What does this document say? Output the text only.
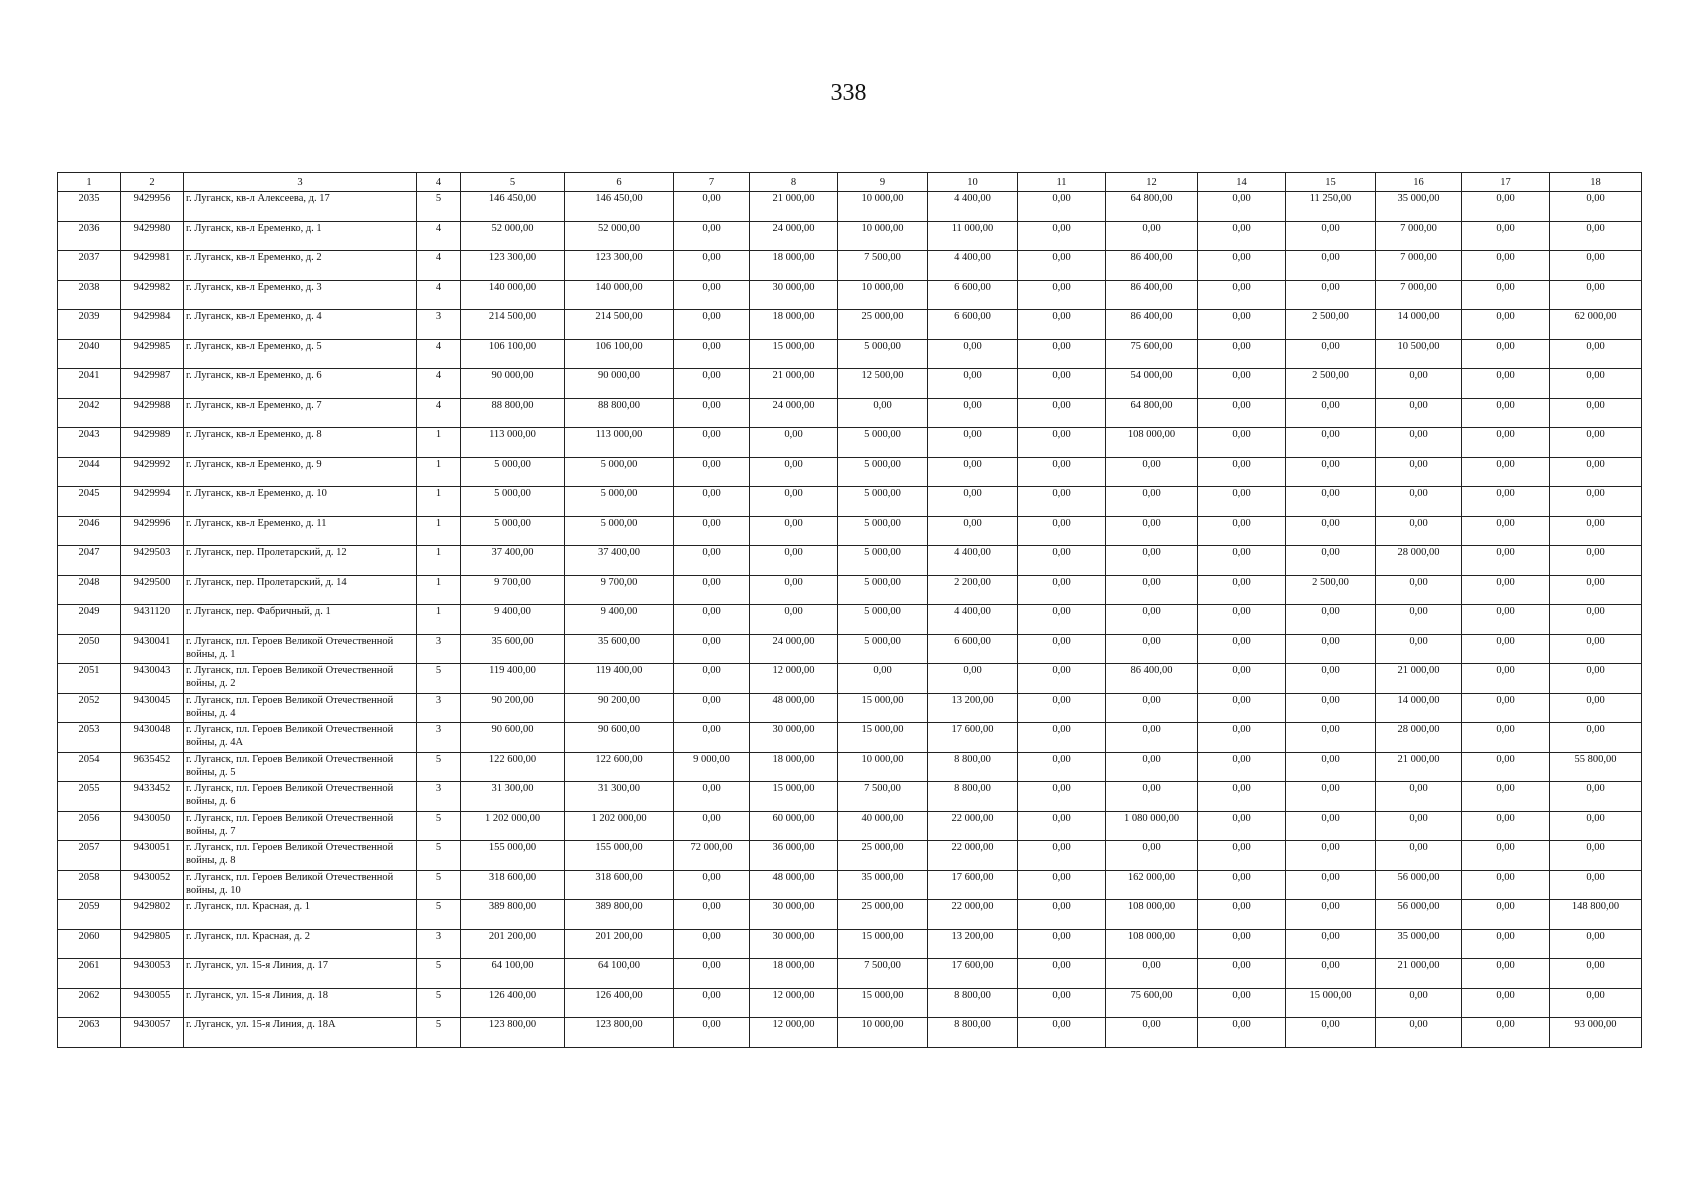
338
1	2	3	4	5	6	7	8	9	10	11	12	14	15	16	17	18
2035	9429956	г. Луганск, кв-л Алексеева, д. 17	5	146 450,00	146 450,00	0,00	21 000,00	10 000,00	4 400,00	0,00	64 800,00	0,00	11 250,00	35 000,00	0,00	0,00
2036	9429980	г. Луганск, кв-л Еременко, д. 1	4	52 000,00	52 000,00	0,00	24 000,00	10 000,00	11 000,00	0,00	0,00	0,00	0,00	7 000,00	0,00	0,00
2037	9429981	г. Луганск, кв-л Еременко, д. 2	4	123 300,00	123 300,00	0,00	18 000,00	7 500,00	4 400,00	0,00	86 400,00	0,00	0,00	7 000,00	0,00	0,00
2038	9429982	г. Луганск, кв-л Еременко, д. 3	4	140 000,00	140 000,00	0,00	30 000,00	10 000,00	6 600,00	0,00	86 400,00	0,00	0,00	7 000,00	0,00	0,00
2039	9429984	г. Луганск, кв-л Еременко, д. 4	3	214 500,00	214 500,00	0,00	18 000,00	25 000,00	6 600,00	0,00	86 400,00	0,00	2 500,00	14 000,00	0,00	62 000,00
2040	9429985	г. Луганск, кв-л Еременко, д. 5	4	106 100,00	106 100,00	0,00	15 000,00	5 000,00	0,00	0,00	75 600,00	0,00	0,00	10 500,00	0,00	0,00
2041	9429987	г. Луганск, кв-л Еременко, д. 6	4	90 000,00	90 000,00	0,00	21 000,00	12 500,00	0,00	0,00	54 000,00	0,00	2 500,00	0,00	0,00	0,00
2042	9429988	г. Луганск, кв-л Еременко, д. 7	4	88 800,00	88 800,00	0,00	24 000,00	0,00	0,00	0,00	64 800,00	0,00	0,00	0,00	0,00	0,00
2043	9429989	г. Луганск, кв-л Еременко, д. 8	1	113 000,00	113 000,00	0,00	0,00	5 000,00	0,00	0,00	108 000,00	0,00	0,00	0,00	0,00	0,00
2044	9429992	г. Луганск, кв-л Еременко, д. 9	1	5 000,00	5 000,00	0,00	0,00	5 000,00	0,00	0,00	0,00	0,00	0,00	0,00	0,00	0,00
2045	9429994	г. Луганск, кв-л Еременко, д. 10	1	5 000,00	5 000,00	0,00	0,00	5 000,00	0,00	0,00	0,00	0,00	0,00	0,00	0,00	0,00
2046	9429996	г. Луганск, кв-л Еременко, д. 11	1	5 000,00	5 000,00	0,00	0,00	5 000,00	0,00	0,00	0,00	0,00	0,00	0,00	0,00	0,00
2047	9429503	г. Луганск, пер. Пролетарский, д. 12	1	37 400,00	37 400,00	0,00	0,00	5 000,00	4 400,00	0,00	0,00	0,00	0,00	28 000,00	0,00	0,00
2048	9429500	г. Луганск, пер. Пролетарский, д. 14	1	9 700,00	9 700,00	0,00	0,00	5 000,00	2 200,00	0,00	0,00	0,00	2 500,00	0,00	0,00	0,00
2049	9431120	г. Луганск, пер. Фабричный, д. 1	1	9 400,00	9 400,00	0,00	0,00	5 000,00	4 400,00	0,00	0,00	0,00	0,00	0,00	0,00	0,00
2050	9430041	г. Луганск, пл. Героев Великой Отечественной войны, д. 1	3	35 600,00	35 600,00	0,00	24 000,00	5 000,00	6 600,00	0,00	0,00	0,00	0,00	0,00	0,00	0,00
2051	9430043	г. Луганск, пл. Героев Великой Отечественной войны, д. 2	5	119 400,00	119 400,00	0,00	12 000,00	0,00	0,00	0,00	86 400,00	0,00	0,00	21 000,00	0,00	0,00
2052	9430045	г. Луганск, пл. Героев Великой Отечественной войны, д. 4	3	90 200,00	90 200,00	0,00	48 000,00	15 000,00	13 200,00	0,00	0,00	0,00	0,00	14 000,00	0,00	0,00
2053	9430048	г. Луганск, пл. Героев Великой Отечественной войны, д. 4А	3	90 600,00	90 600,00	0,00	30 000,00	15 000,00	17 600,00	0,00	0,00	0,00	0,00	28 000,00	0,00	0,00
2054	9635452	г. Луганск, пл. Героев Великой Отечественной войны, д. 5	5	122 600,00	122 600,00	9 000,00	18 000,00	10 000,00	8 800,00	0,00	0,00	0,00	0,00	21 000,00	0,00	55 800,00
2055	9433452	г. Луганск, пл. Героев Великой Отечественной войны, д. 6	3	31 300,00	31 300,00	0,00	15 000,00	7 500,00	8 800,00	0,00	0,00	0,00	0,00	0,00	0,00	0,00
2056	9430050	г. Луганск, пл. Героев Великой Отечественной войны, д. 7	5	1 202 000,00	1 202 000,00	0,00	60 000,00	40 000,00	22 000,00	0,00	1 080 000,00	0,00	0,00	0,00	0,00	0,00
2057	9430051	г. Луганск, пл. Героев Великой Отечественной войны, д. 8	5	155 000,00	155 000,00	72 000,00	36 000,00	25 000,00	22 000,00	0,00	0,00	0,00	0,00	0,00	0,00	0,00
2058	9430052	г. Луганск, пл. Героев Великой Отечественной войны, д. 10	5	318 600,00	318 600,00	0,00	48 000,00	35 000,00	17 600,00	0,00	162 000,00	0,00	0,00	56 000,00	0,00	0,00
2059	9429802	г. Луганск, пл. Красная, д. 1	5	389 800,00	389 800,00	0,00	30 000,00	25 000,00	22 000,00	0,00	108 000,00	0,00	0,00	56 000,00	0,00	148 800,00
2060	9429805	г. Луганск, пл. Красная, д. 2	3	201 200,00	201 200,00	0,00	30 000,00	15 000,00	13 200,00	0,00	108 000,00	0,00	0,00	35 000,00	0,00	0,00
2061	9430053	г. Луганск, ул. 15-я Линия, д. 17	5	64 100,00	64 100,00	0,00	18 000,00	7 500,00	17 600,00	0,00	0,00	0,00	0,00	21 000,00	0,00	0,00
2062	9430055	г. Луганск, ул. 15-я Линия, д. 18	5	126 400,00	126 400,00	0,00	12 000,00	15 000,00	8 800,00	0,00	75 600,00	0,00	15 000,00	0,00	0,00	0,00
2063	9430057	г. Луганск, ул. 15-я Линия, д. 18А	5	123 800,00	123 800,00	0,00	12 000,00	10 000,00	8 800,00	0,00	0,00	0,00	0,00	0,00	0,00	93 000,00
